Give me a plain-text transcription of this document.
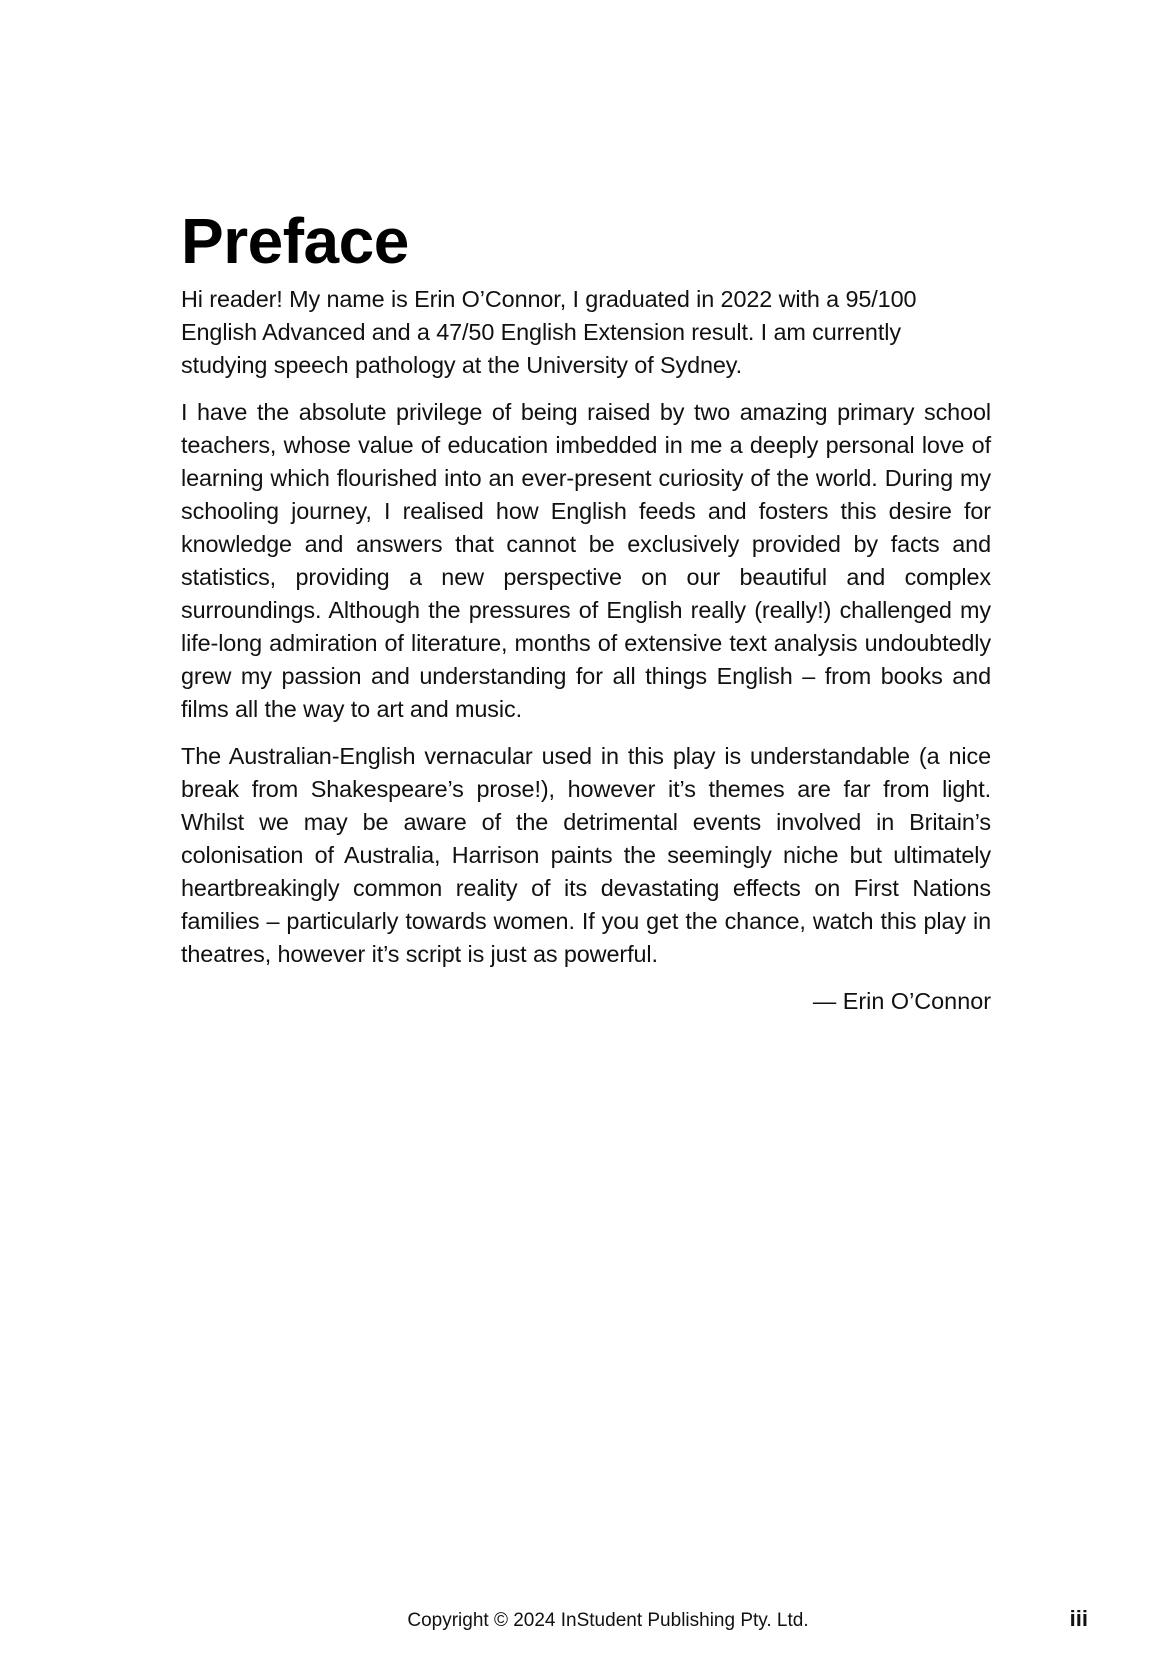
Preface

Hi reader! My name is Erin O’Connor, I graduated in 2022 with a 95/100 English Advanced and a 47/50 English Extension result. I am currently studying speech pathology at the University of Sydney.

I have the absolute privilege of being raised by two amazing primary school teachers, whose value of education imbedded in me a deeply personal love of learning which flourished into an ever-present curiosity of the world. During my schooling journey, I realised how English feeds and fosters this desire for knowledge and answers that cannot be exclusively provided by facts and statistics, providing a new perspective on our beautiful and complex surroundings. Although the pressures of English really (really!) challenged my life-long admiration of literature, months of extensive text analysis undoubtedly grew my passion and understanding for all things English – from books and films all the way to art and music.

The Australian-English vernacular used in this play is understandable (a nice break from Shakespeare’s prose!), however it’s themes are far from light. Whilst we may be aware of the detrimental events involved in Britain’s colonisation of Australia, Harrison paints the seemingly niche but ultimately heartbreakingly common reality of its devastating effects on First Nations families – particularly towards women. If you get the chance, watch this play in theatres, however it’s script is just as powerful.

— Erin O’Connor

Copyright © 2024 InStudent Publishing Pty. Ltd.	iii
